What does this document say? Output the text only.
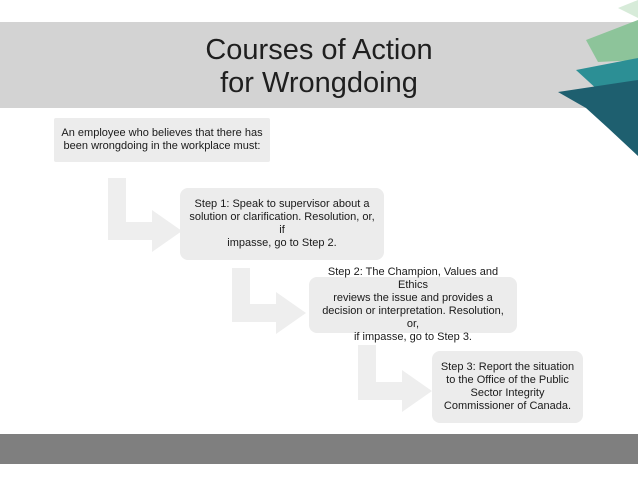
Courses of Action
for Wrongdoing
An employee who believes that there has
been wrongdoing in the workplace must:
Step 1: Speak to supervisor about a
solution or clarification. Resolution, or, if
impasse, go to Step 2.
Step 2: The Champion, Values and Ethics
reviews the issue and provides a
decision or interpretation. Resolution, or,
if impasse, go to Step 3.
Step 3: Report the situation
to the Office of the Public
Sector Integrity
Commissioner of Canada.
